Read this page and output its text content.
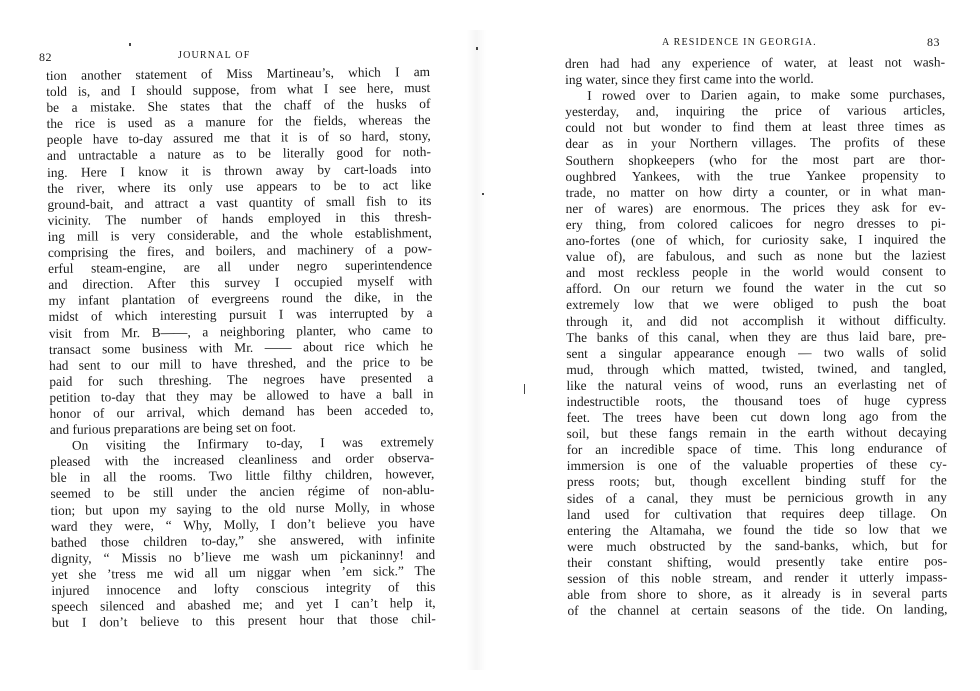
82	JOURNAL OF
tion another statement of Miss Martineau’s, which I am
told is, and I should suppose, from what I see here, must
be a mistake. She states that the chaff of the husks of
the rice is used as a manure for the fields, whereas the
people have to-day assured me that it is of so hard, stony,
and untractable a nature as to be literally good for noth-
ing. Here I know it is thrown away by cart-loads into
the river, where its only use appears to be to act like
ground-bait, and attract a vast quantity of small fish to its
vicinity. The number of hands employed in this thresh-
ing mill is very considerable, and the whole establishment,
comprising the fires, and boilers, and machinery of a pow-
erful steam-engine, are all under negro superintendence
and direction. After this survey I occupied myself with
my infant plantation of evergreens round the dike, in the
midst of which interesting pursuit I was interrupted by a
visit from Mr. B——, a neighboring planter, who came to
transact some business with Mr. —— about rice which he
had sent to our mill to have threshed, and the price to be
paid for such threshing. The negroes have presented a
petition to-day that they may be allowed to have a ball in
honor of our arrival, which demand has been acceded to,
and furious preparations are being set on foot.
On visiting the Infirmary to-day, I was extremely
pleased with the increased cleanliness and order observa-
ble in all the rooms. Two little filthy children, however,
seemed to be still under the ancien régime of non-ablu-
tion; but upon my saying to the old nurse Molly, in whose
ward they were, “ Why, Molly, I don’t believe you have
bathed those children to-day,” she answered, with infinite
dignity, “ Missis no b’lieve me wash um pickaninny! and
yet she ’tress me wid all um niggar when ’em sick.” The
injured innocence and lofty conscious integrity of this
speech silenced and abashed me; and yet I can’t help it,
but I don’t believe to this present hour that those chil-
A RESIDENCE IN GEORGIA.	83
dren had had any experience of water, at least not wash-
ing water, since they first came into the world.
I rowed over to Darien again, to make some purchases,
yesterday, and, inquiring the price of various articles,
could not but wonder to find them at least three times as
dear as in your Northern villages. The profits of these
Southern shopkeepers (who for the most part are thor-
oughbred Yankees, with the true Yankee propensity to
trade, no matter on how dirty a counter, or in what man-
ner of wares) are enormous. The prices they ask for ev-
ery thing, from colored calicoes for negro dresses to pi-
ano-fortes (one of which, for curiosity sake, I inquired the
value of), are fabulous, and such as none but the laziest
and most reckless people in the world would consent to
afford. On our return we found the water in the cut so
extremely low that we were obliged to push the boat
through it, and did not accomplish it without difficulty.
The banks of this canal, when they are thus laid bare, pre-
sent a singular appearance enough — two walls of solid
mud, through which matted, twisted, twined, and tangled,
like the natural veins of wood, runs an everlasting net of
indestructible roots, the thousand toes of huge cypress
feet. The trees have been cut down long ago from the
soil, but these fangs remain in the earth without decaying
for an incredible space of time. This long endurance of
immersion is one of the valuable properties of these cy-
press roots; but, though excellent binding stuff for the
sides of a canal, they must be pernicious growth in any
land used for cultivation that requires deep tillage. On
entering the Altamaha, we found the tide so low that we
were much obstructed by the sand-banks, which, but for
their constant shifting, would presently take entire pos-
session of this noble stream, and render it utterly impass-
able from shore to shore, as it already is in several parts
of the channel at certain seasons of the tide. On landing,
